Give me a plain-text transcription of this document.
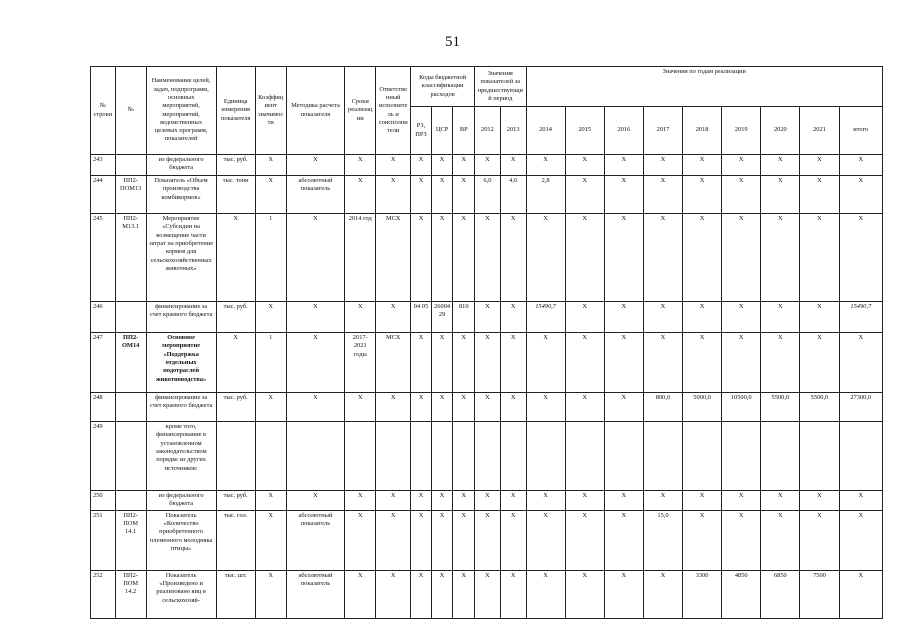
51
№ строки	№	Наименование целей, задач, подпрограмм, основных мероприятий, мероприятий, ведомственных целевых программ, показателей	Единица измерения показателя	Коэффициент значимости	Методика расчета показателя	Сроки реализации	Ответственный исполнитель и соисполнители	Коды бюджетной классификации расходов			Значения показателей за предшествующий период		Значения по годам реализации								
								РЗ, ПРЗ	ЦСР	ВР	2012	2013	2014	2015	2016	2017	2018	2019	2020	2021	итого
243		из федерального бюджета	тыс. руб.	X	X	X	X	X	X	X	X	X	X	X	X	X	X	X	X	X	X
244	ПП2-ПОМ13	Показатель «Объем производства комбикормов»	тыс. тонн	X	абсолютный показатель	X	X	X	X	X	6,0	4,6	2,8	X	X	X	X	X	X	X	X
245	ПП2-М13.1	Мероприятие «Субсидии на возмещение части затрат на приобретение кормов для сельскохозяйственных животных»	X	1	X	2014 год	МСХ	X	X	X	X	X	X	X	X	X	X	X	X	X	X
246		финансирование за счет краевого бюджета	тыс. руб.	X	X	X	X	04 05	2600429	810	X	X	15490,7	X	X	X	X	X	X	X	15490,7
247	ПП2-ОМ14	Основное мероприятие «Поддержка отдельных подотраслей животноводства»	X	1	X	2017-2021 годы	МСХ	X	X	X	X	X	X	X	X	X	X	X	X	X	X
248		финансирование за счет краевого бюджета	тыс. руб.	X	X	X	X	X	X	X	X	X	X	X	X	800,0	5000,0	10500,0	5500,0	5500,0	27300,0
249		кроме того, финансирование в установленном законодательством порядке из других источников:																			
250		из федерального бюджета	тыс. руб.	X	X	X	X	X	X	X	X	X	X	X	X	X	X	X	X	X	X
251	ПП2-ПОМ 14.1	Показатель «Количество приобретенного племенного молодняка птицы»	тыс. гол.	X	абсолютный показатель	X	X	X	X	X	X	X	X	X	X	15,0	X	X	X	X	X
252	ПП2-ПОМ 14.2	Показатель «Произведено и реализовано яиц в сельскохозяй-	тыс. шт.	X	абсолютный показатель	X	X	X	X	X	X	X	X	X	X	X	3300	4850	6850	7500	X
